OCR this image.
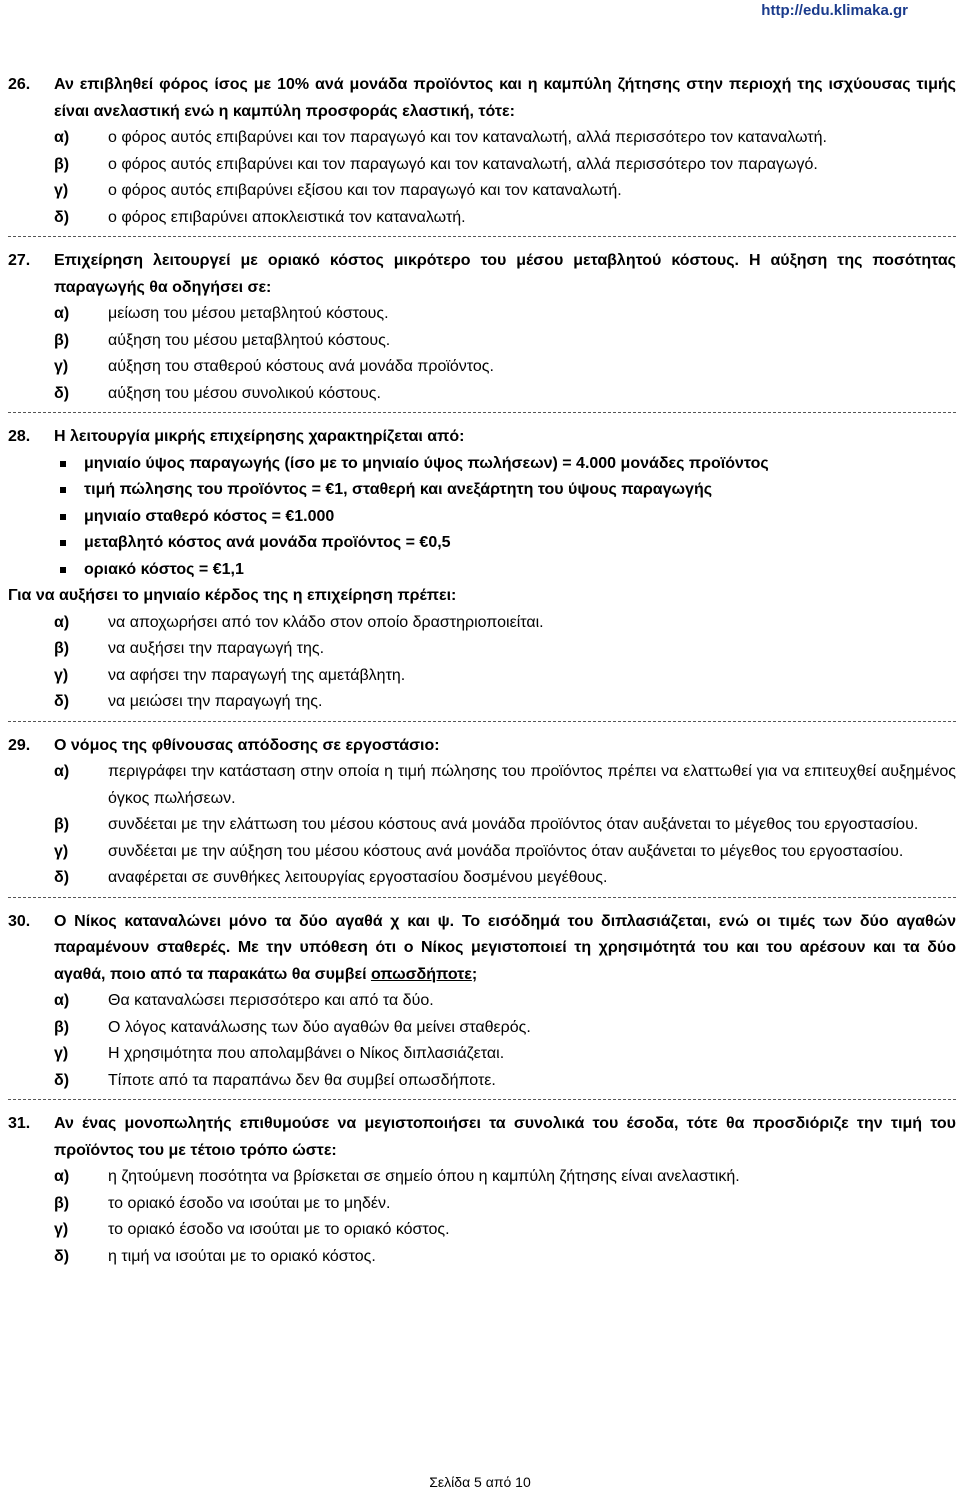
http://edu.klimaka.gr
26.	Αν επιβληθεί φόρος ίσος με 10% ανά μονάδα προϊόντος και η καμπύλη ζήτησης στην περιοχή της ισχύουσας τιμής είναι ανελαστική ενώ η καμπύλη προσφοράς ελαστική, τότε:
α)	ο φόρος αυτός επιβαρύνει και τον παραγωγό και τον καταναλωτή, αλλά περισσότερο τον καταναλωτή.
β)	ο φόρος αυτός επιβαρύνει και τον παραγωγό και τον καταναλωτή, αλλά περισσότερο τον παραγωγό.
γ)	ο φόρος αυτός επιβαρύνει εξίσου και τον παραγωγό και τον καταναλωτή.
δ)	ο φόρος επιβαρύνει αποκλειστικά τον καταναλωτή.
27.	Επιχείρηση λειτουργεί με οριακό κόστος μικρότερο του μέσου μεταβλητού κόστους. Η αύξηση της ποσότητας παραγωγής θα οδηγήσει σε:
α)	μείωση του μέσου μεταβλητού κόστους.
β)	αύξηση του μέσου μεταβλητού κόστους.
γ)	αύξηση του σταθερού κόστους ανά μονάδα προϊόντος.
δ)	αύξηση του μέσου συνολικού κόστους.
28.	Η λειτουργία μικρής επιχείρησης χαρακτηρίζεται από:
μηνιαίο ύψος παραγωγής (ίσο με το μηνιαίο ύψος πωλήσεων) = 4.000 μονάδες προϊόντος
τιμή πώλησης του προϊόντος = €1, σταθερή και ανεξάρτητη του ύψους παραγωγής
μηνιαίο σταθερό κόστος = €1.000
μεταβλητό κόστος ανά μονάδα προϊόντος = €0,5
οριακό κόστος = €1,1
Για να αυξήσει το μηνιαίο κέρδος της η επιχείρηση πρέπει:
α)	να αποχωρήσει από τον κλάδο στον οποίο δραστηριοποιείται.
β)	να αυξήσει την παραγωγή της.
γ)	να αφήσει την παραγωγή της αμετάβλητη.
δ)	να μειώσει την παραγωγή της.
29.	Ο νόμος της φθίνουσας απόδοσης σε εργοστάσιο:
α)	περιγράφει την κατάσταση στην οποία η τιμή πώλησης του προϊόντος πρέπει να ελαττωθεί για να επιτευχθεί αυξημένος όγκος πωλήσεων.
β)	συνδέεται με την ελάττωση του μέσου κόστους ανά μονάδα προϊόντος όταν αυξάνεται το μέγεθος του εργοστασίου.
γ)	συνδέεται με την αύξηση του μέσου κόστους ανά μονάδα προϊόντος όταν αυξάνεται το μέγεθος του εργοστασίου.
δ)	αναφέρεται σε συνθήκες λειτουργίας εργοστασίου δοσμένου μεγέθους.
30.	Ο Νίκος καταναλώνει μόνο τα δύο αγαθά χ και ψ. Το εισόδημά του διπλασιάζεται, ενώ οι τιμές των δύο αγαθών παραμένουν σταθερές. Με την υπόθεση ότι ο Νίκος μεγιστοποιεί τη χρησιμότητά του και του αρέσουν και τα δύο αγαθά, ποιο από τα παρακάτω θα συμβεί οπωσδήποτε;
α)	Θα καταναλώσει περισσότερο και από τα δύο.
β)	Ο λόγος κατανάλωσης των δύο αγαθών θα μείνει σταθερός.
γ)	Η χρησιμότητα που απολαμβάνει ο Νίκος διπλασιάζεται.
δ)	Τίποτε από τα παραπάνω δεν θα συμβεί οπωσδήποτε.
31.	Αν ένας μονοπωλητής επιθυμούσε να μεγιστοποιήσει τα συνολικά του έσοδα, τότε θα προσδιόριζε την τιμή του προϊόντος του με τέτοιο τρόπο ώστε:
α)	η ζητούμενη ποσότητα να βρίσκεται σε σημείο όπου η καμπύλη ζήτησης είναι ανελαστική.
β)	το οριακό έσοδο να ισούται με το μηδέν.
γ)	το οριακό έσοδο να ισούται με το οριακό κόστος.
δ)	η τιμή να ισούται με το οριακό κόστος.
Σελίδα 5 από 10
